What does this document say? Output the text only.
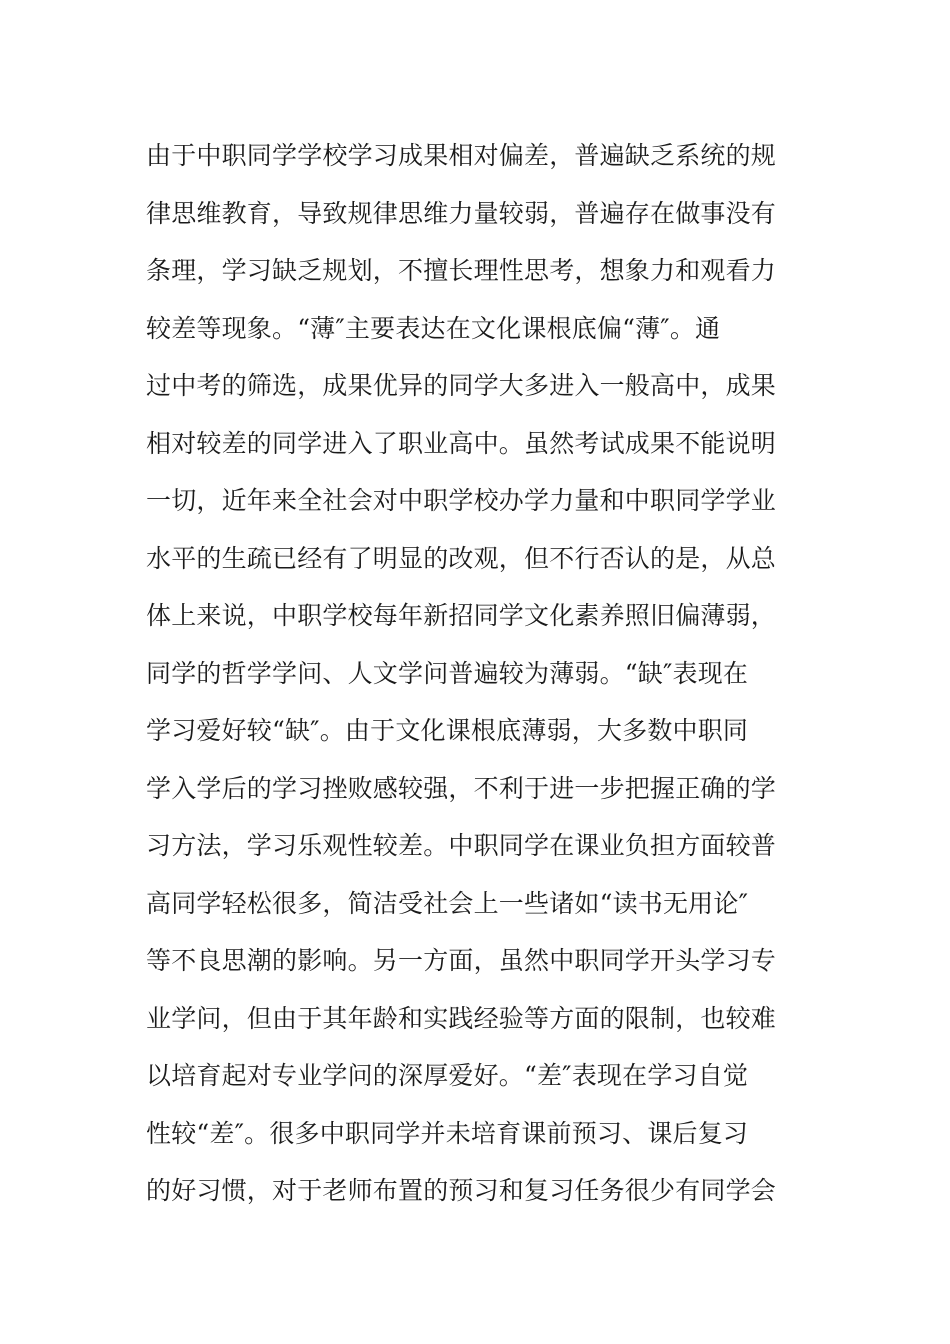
由于中职同学学校学习成果相对偏差，普遍缺乏系统的规
律思维教育，导致规律思维力量较弱，普遍存在做事没有
条理，学习缺乏规划，不擅长理性思考，想象力和观看力
较差等现象。“薄″主要表达在文化课根底偏“薄″。通
过中考的筛选，成果优异的同学大多进入一般高中，成果
相对较差的同学进入了职业高中。虽然考试成果不能说明
一切，近年来全社会对中职学校办学力量和中职同学学业
水平的生疏已经有了明显的改观，但不行否认的是，从总
体上来说，中职学校每年新招同学文化素养照旧偏薄弱，
同学的哲学学问、人文学问普遍较为薄弱。“缺″表现在
学习爱好较“缺″。由于文化课根底薄弱，大多数中职同
学入学后的学习挫败感较强，不利于进一步把握正确的学
习方法，学习乐观性较差。中职同学在课业负担方面较普
高同学轻松很多，简洁受社会上一些诸如“读书无用论″
等不良思潮的影响。另一方面，虽然中职同学开头学习专
业学问，但由于其年龄和实践经验等方面的限制，也较难
以培育起对专业学问的深厚爱好。“差″表现在学习自觉
性较“差″。很多中职同学并未培育课前预习、课后复习
的好习惯，对于老师布置的预习和复习任务很少有同学会
